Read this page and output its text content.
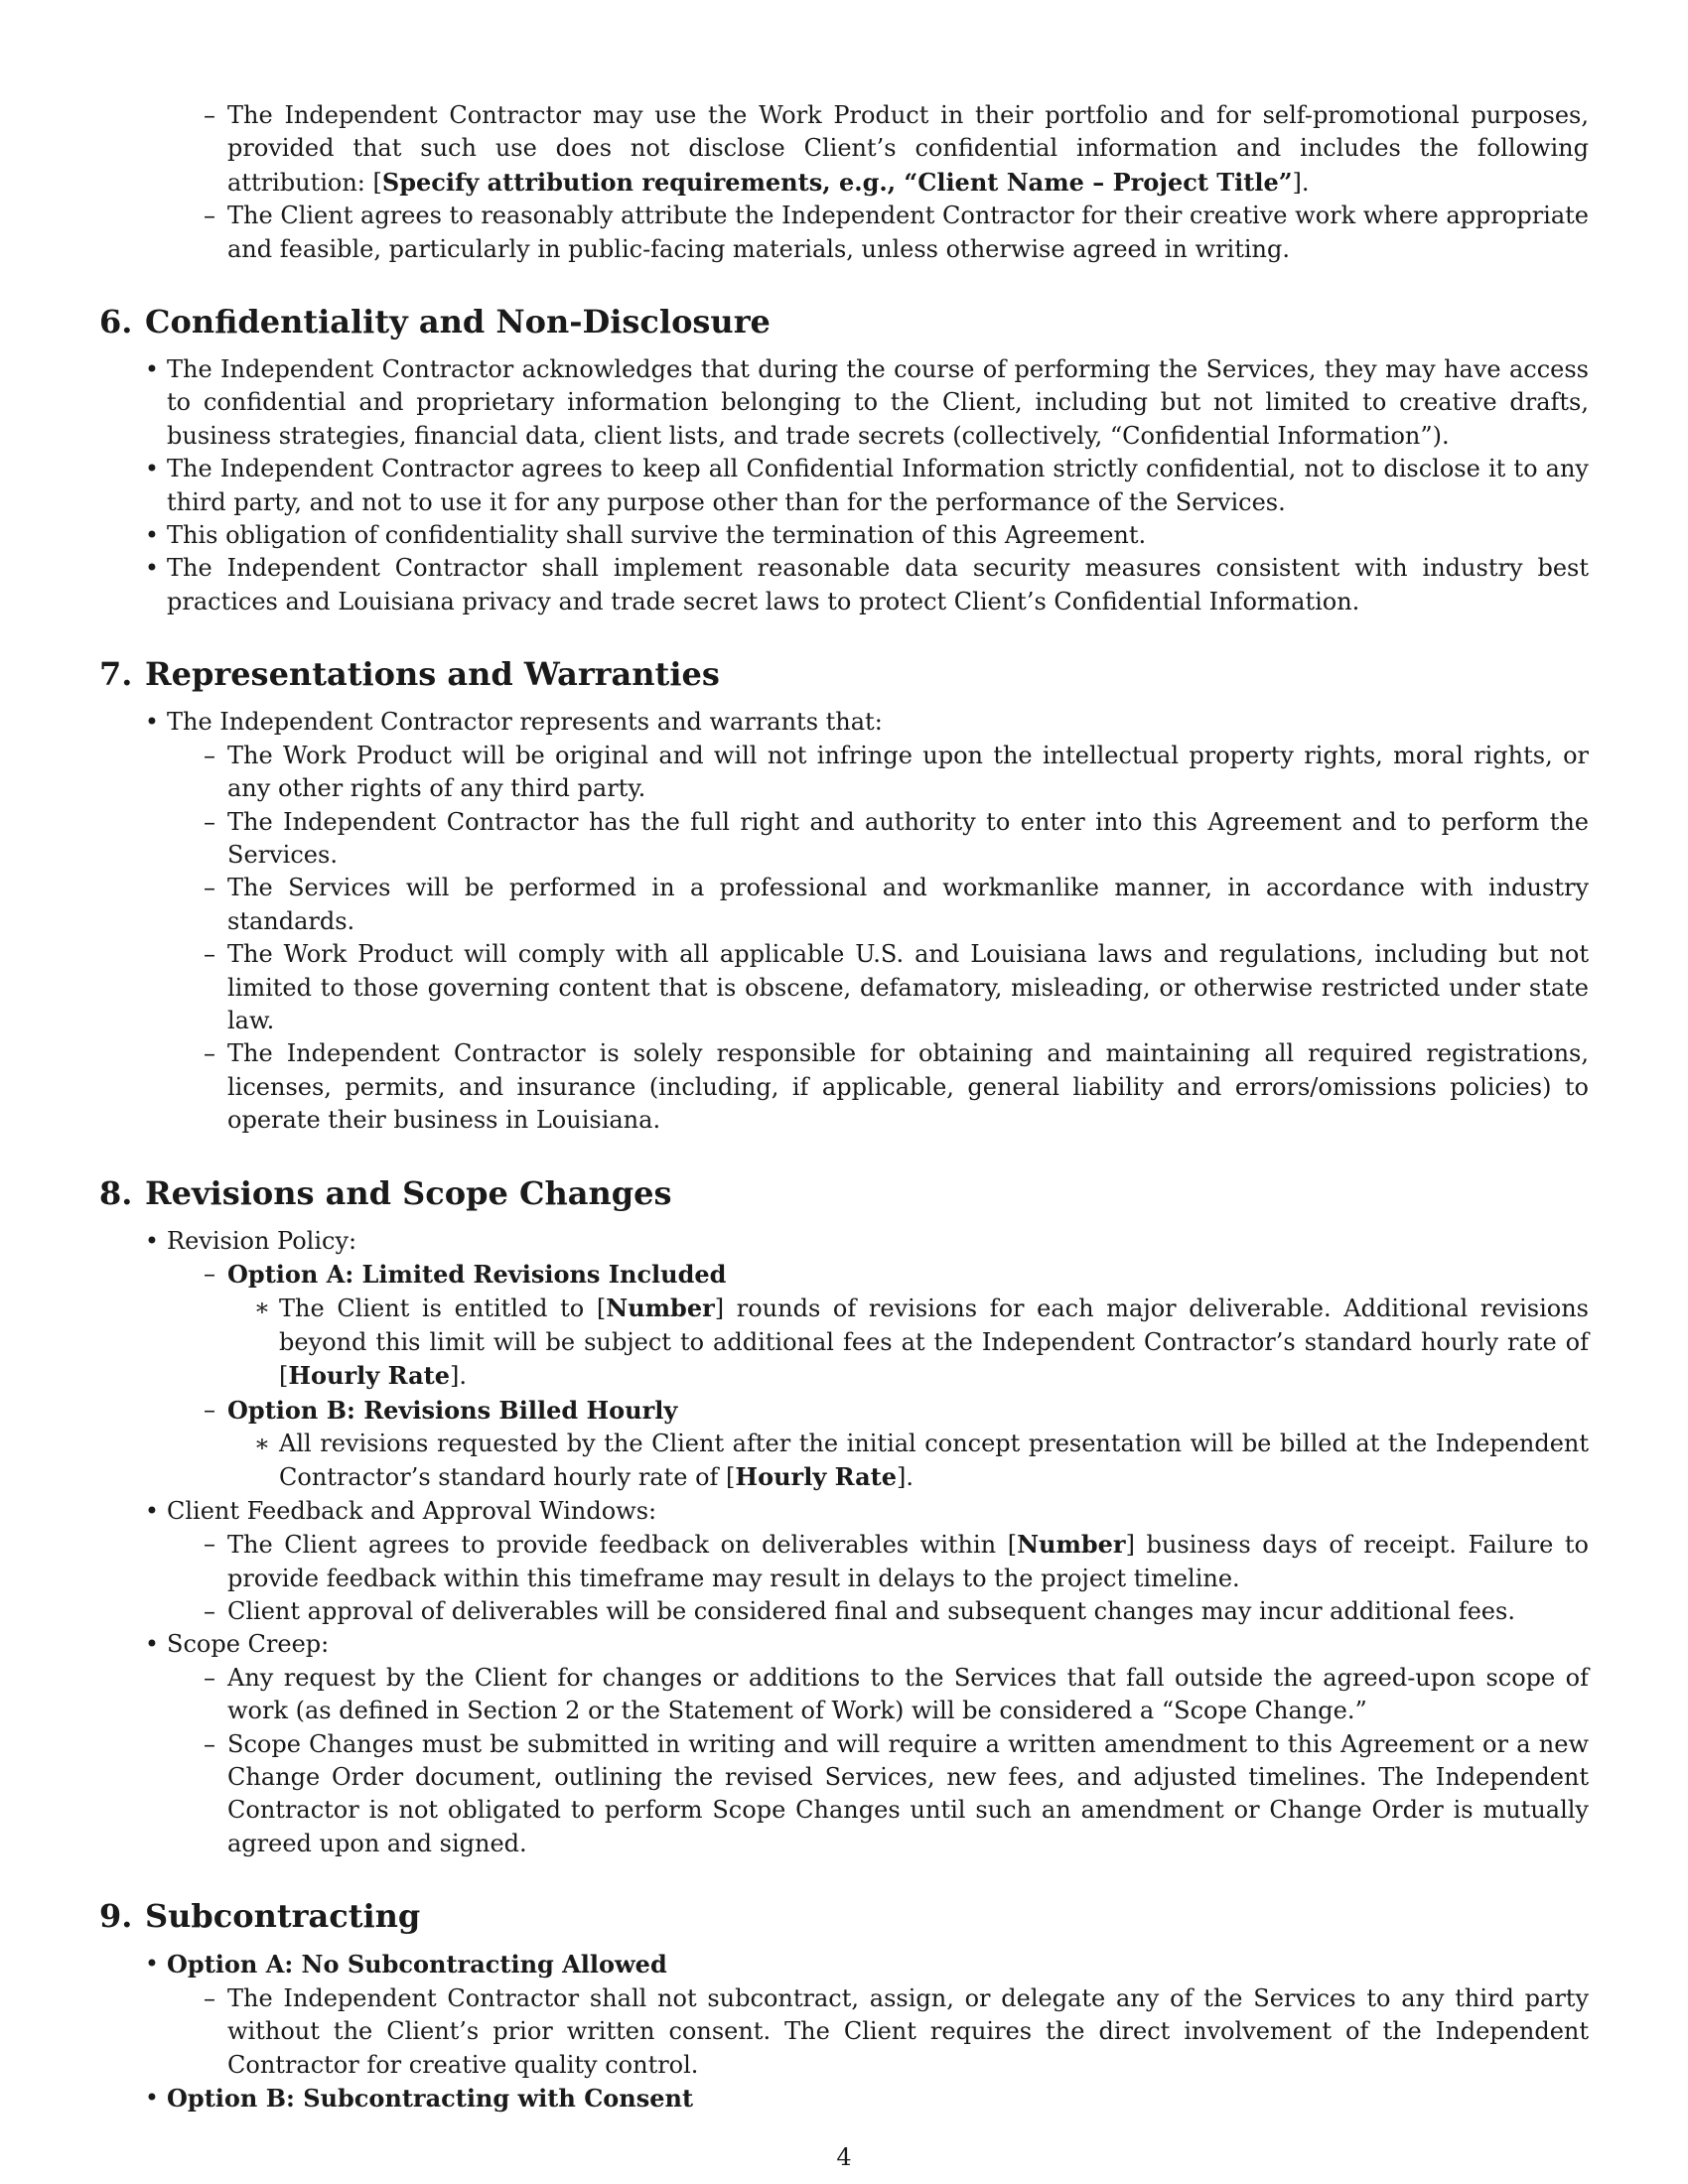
– The Independent Contractor may use the Work Product in their portfolio and for self-promotional purposes, provided that such use does not disclose Client’s confidential information and includes the following attribution: [Specify attribution requirements, e.g., “Client Name – Project Title”].

– The Client agrees to reasonably attribute the Independent Contractor for their creative work where appropriate and feasible, particularly in public-facing materials, unless otherwise agreed in writing.

6. Confidentiality and Non-Disclosure
• The Independent Contractor acknowledges that during the course of performing the Services, they may have access to confidential and proprietary information belonging to the Client, including but not limited to creative drafts, business strategies, financial data, client lists, and trade secrets (collectively, “Confidential Information”).

• The Independent Contractor agrees to keep all Confidential Information strictly confidential, not to disclose it to any third party, and not to use it for any purpose other than for the performance of the Services.

• This obligation of confidentiality shall survive the termination of this Agreement.

• The Independent Contractor shall implement reasonable data security measures consistent with industry best practices and Louisiana privacy and trade secret laws to protect Client’s Confidential Information.

7. Representations and Warranties
• The Independent Contractor represents and warrants that:

– The Work Product will be original and will not infringe upon the intellectual property rights, moral rights, or any other rights of any third party.

– The Independent Contractor has the full right and authority to enter into this Agreement and to perform the Services.

– The Services will be performed in a professional and workmanlike manner, in accordance with industry standards.

– The Work Product will comply with all applicable U.S. and Louisiana laws and regulations, including but not limited to those governing content that is obscene, defamatory, misleading, or otherwise restricted under state law.

– The Independent Contractor is solely responsible for obtaining and maintaining all required registrations, licenses, permits, and insurance (including, if applicable, general liability and errors/omissions policies) to operate their business in Louisiana.

8. Revisions and Scope Changes
• Revision Policy:

– Option A: Limited Revisions Included

∗ The Client is entitled to [Number] rounds of revisions for each major deliverable. Additional revisions beyond this limit will be subject to additional fees at the Independent Contractor’s standard hourly rate of [Hourly Rate].

– Option B: Revisions Billed Hourly

∗ All revisions requested by the Client after the initial concept presentation will be billed at the Independent Contractor’s standard hourly rate of [Hourly Rate].

• Client Feedback and Approval Windows:

– The Client agrees to provide feedback on deliverables within [Number] business days of receipt. Failure to provide feedback within this timeframe may result in delays to the project timeline.

– Client approval of deliverables will be considered final and subsequent changes may incur additional fees.

• Scope Creep:

– Any request by the Client for changes or additions to the Services that fall outside the agreed-upon scope of work (as defined in Section 2 or the Statement of Work) will be considered a “Scope Change.”

– Scope Changes must be submitted in writing and will require a written amendment to this Agreement or a new Change Order document, outlining the revised Services, new fees, and adjusted timelines. The Independent Contractor is not obligated to perform Scope Changes until such an amendment or Change Order is mutually agreed upon and signed.

9. Subcontracting
• Option A: No Subcontracting Allowed

– The Independent Contractor shall not subcontract, assign, or delegate any of the Services to any third party without the Client’s prior written consent. The Client requires the direct involvement of the Independent Contractor for creative quality control.

• Option B: Subcontracting with Consent

4
